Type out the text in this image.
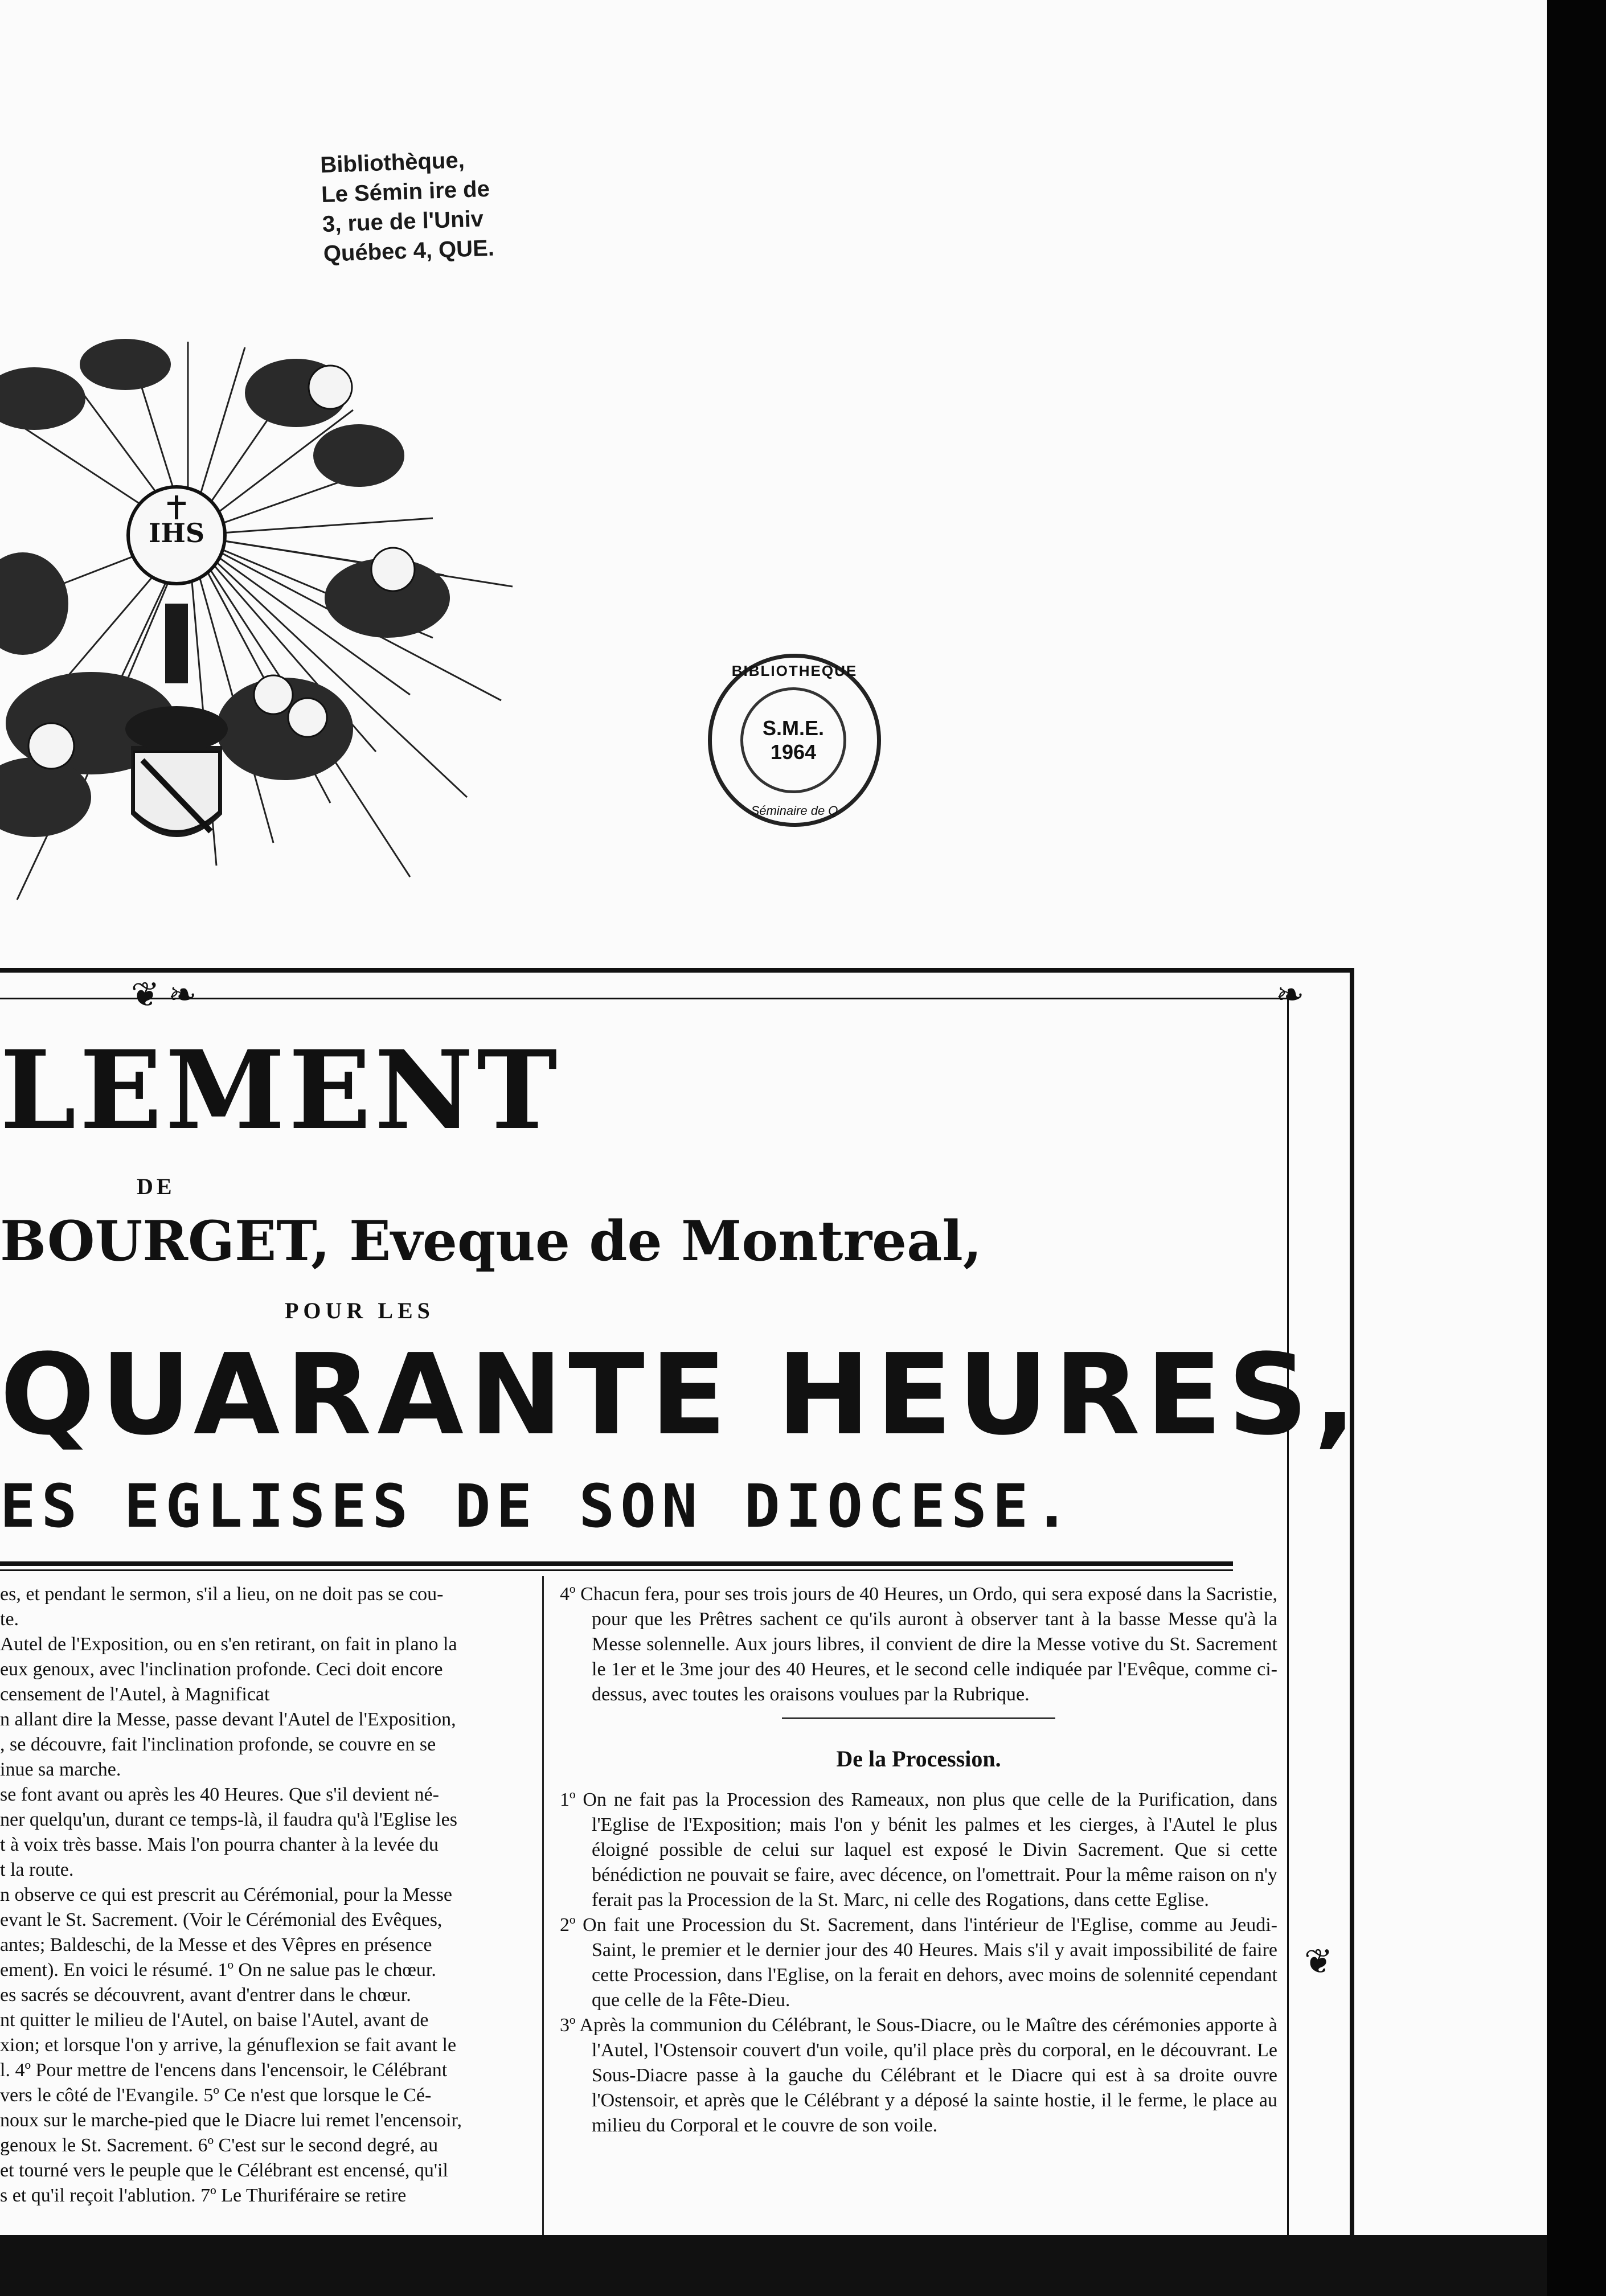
Bibliothèque,
Le Sémin ire de
3, rue de l'Univ
Québec 4, QUE.
BIBLIOTHEQUE
S.M.E.
1964
Séminaire de Q
IHS
❦ ❧	❧
❦
LEMENT
DE
BOURGET, Eveque de Montreal,
POUR LES
QUARANTE HEURES,
ES EGLISES DE SON DIOCESE.
es, et pendant le sermon, s'il a lieu, on ne doit pas se cou-
te.
Autel de l'Exposition, ou en s'en retirant, on fait in plano la
eux genoux, avec l'inclination profonde. Ceci doit encore
censement de l'Autel, à Magnificat
n allant dire la Messe, passe devant l'Autel de l'Exposition,
, se découvre, fait l'inclination profonde, se couvre en se
inue sa marche.
se font avant ou après les 40 Heures. Que s'il devient né-
ner quelqu'un, durant ce temps-là, il faudra qu'à l'Eglise les
t à voix très basse. Mais l'on pourra chanter à la levée du
t la route.
n observe ce qui est prescrit au Cérémonial, pour la Messe
evant le St. Sacrement. (Voir le Cérémonial des Evêques,
antes; Baldeschi, de la Messe et des Vêpres en présence
ement). En voici le résumé. 1º On ne salue pas le chœur.
es sacrés se découvrent, avant d'entrer dans le chœur.
nt quitter le milieu de l'Autel, on baise l'Autel, avant de
xion; et lorsque l'on y arrive, la génuflexion se fait avant le
l. 4º Pour mettre de l'encens dans l'encensoir, le Célébrant
vers le côté de l'Evangile. 5º Ce n'est que lorsque le Cé-
noux sur le marche-pied que le Diacre lui remet l'encensoir,
genoux le St. Sacrement. 6º C'est sur le second degré, au
et tourné vers le peuple que le Célébrant est encensé, qu'il
s et qu'il reçoit l'ablution. 7º Le Thuriféraire se retire

4º Chacun fera, pour ses trois jours de 40 Heures, un Ordo, qui sera exposé dans la Sacristie, pour que les Prêtres sachent ce qu'ils auront à observer tant à la basse Messe qu'à la Messe solennelle. Aux jours libres, il convient de dire la Messe votive du St. Sacrement le 1er et le 3me jour des 40 Heures, et le second celle indiquée par l'Evêque, comme ci-dessus, avec toutes les oraisons voulues par la Rubrique.

De la Procession.

1º On ne fait pas la Procession des Rameaux, non plus que celle de la Purification, dans l'Eglise de l'Exposition; mais l'on y bénit les palmes et les cierges, à l'Autel le plus éloigné possible de celui sur laquel est exposé le Divin Sacrement. Que si cette bénédiction ne pouvait se faire, avec décence, on l'omettrait. Pour la même raison on n'y ferait pas la Procession de la St. Marc, ni celle des Rogations, dans cette Eglise.

2º On fait une Procession du St. Sacrement, dans l'intérieur de l'Eglise, comme au Jeudi-Saint, le premier et le dernier jour des 40 Heures. Mais s'il y avait impossibilité de faire cette Procession, dans l'Eglise, on la ferait en dehors, avec moins de solennité cependant que celle de la Fête-Dieu.

3º Après la communion du Célébrant, le Sous-Diacre, ou le Maître des cérémonies apporte à l'Autel, l'Ostensoir couvert d'un voile, qu'il place près du corporal, en le découvrant. Le Sous-Diacre passe à la gauche du Célébrant et le Diacre qui est à sa droite ouvre l'Ostensoir, et après que le Célébrant y a déposé la sainte hostie, il le ferme, le place au milieu du Corporal et le couvre de son voile.
